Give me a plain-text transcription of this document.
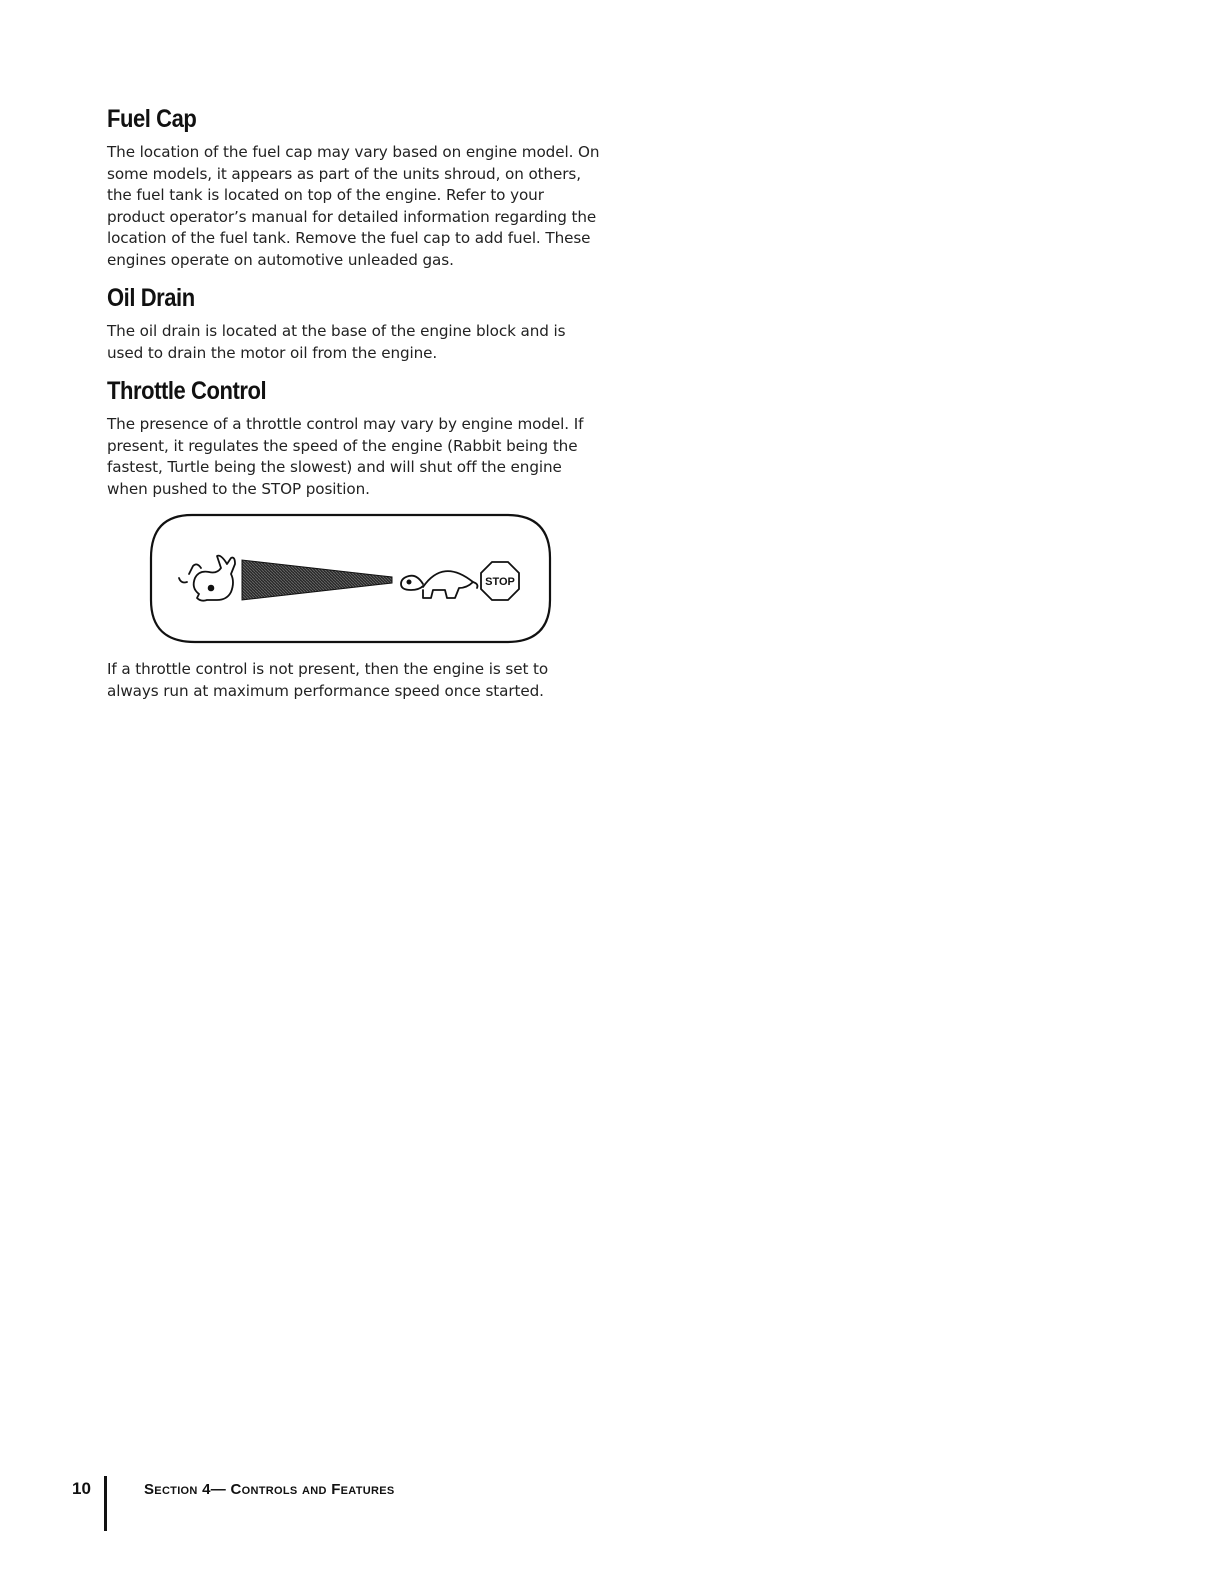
Fuel Cap

The location of the fuel cap may vary based on engine model. On some models, it appears as part of the units shroud, on others, the fuel tank is located on top of the engine. Refer to your product operator’s manual for detailed information regarding the location of the fuel tank. Remove the fuel cap to add fuel. These engines operate on automotive unleaded gas.

Oil Drain

The oil drain is located at the base of the engine block and is used to drain the motor oil from the engine.

Throttle Control

The presence of a throttle control may vary by engine model. If present, it regulates the speed of the engine (Rabbit being the fastest, Turtle being the slowest) and will shut off the engine when pushed to the STOP position.

STOP

If a throttle control is not present, then the engine is set to always run at maximum performance speed once started.

10	Section 4— Controls and Features
